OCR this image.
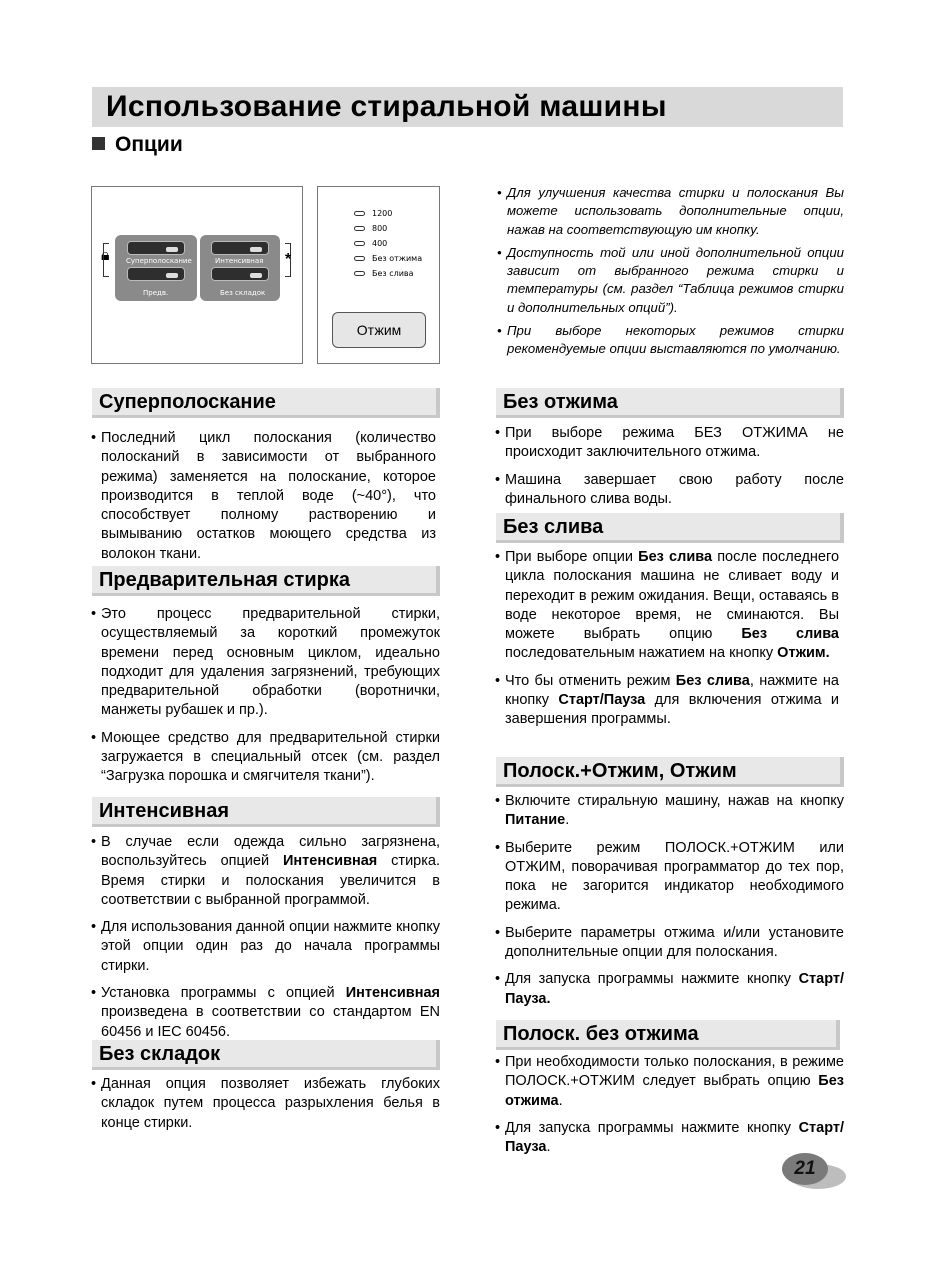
Использование стиральной машины
Опции
🔒︎ Суперполоскание
Предв.
Интенсивная
Без складок
*
1200
800
400
Без отжима
Без слива
Отжим

• Для улучшения качества стирки и полоскания Вы можете использовать дополнительные опции, нажав на соответствующую им кнопку.

• Доступность той или иной дополнительной опции зависит от выбранного режима стирки и температуры (см. раздел “Таблица режимов стирки и дополнительных опций”).

• При выборе некоторых режимов стирки рекомендуемые опции выставляются по умолчанию.

Суперполоскание

• Последний цикл полоскания (количество полосканий в зависимости от выбранного режима) заменяется на полоскание, которое производится в теплой воде (~40°), что способствует полному растворению и вымыванию остатков моющего средства из волокон ткани.

Предварительная стирка

• Это процесс предварительной стирки, осуществляемый за короткий промежуток времени перед основным циклом, идеально подходит для удаления загрязнений, требующих предварительной обработки (воротнички, манжеты рубашек и пр.).

• Моющее средство для предварительной стирки загружается в специальный отсек (см. раздел “Загрузка порошка и смягчителя ткани”).

Интенсивная

• В случае если одежда сильно загрязнена, воспользуйтесь опцией Интенсивная стирка. Время стирки и полоскания увеличится в соответствии с выбранной программой.

• Для использования данной опции нажмите кнопку этой опции один раз до начала программы стирки.

• Установка программы с опцией Интенсивная произведена в соответствии со стандартом EN 60456 и IEC 60456.

Без складок

• Данная опция позволяет избежать глубоких складок путем процесса разрыхления белья в конце стирки.

Без отжима

• При выборе режима БЕЗ ОТЖИМА не происходит заключительного отжима.

• Машина завершает свою работу после финального слива воды.

Без слива

• При выборе опции Без слива после последнего цикла полоскания машина не сливает воду и переходит в режим ожидания. Вещи, оставаясь в воде некоторое время, не сминаются. Вы можете выбрать опцию Без слива последовательным нажатием на кнопку Отжим.

• Что бы отменить режим Без слива, нажмите на кнопку Старт/Пауза для включения отжима и завершения программы.

Полоск.+Отжим, Отжим

• Включите стиральную машину, нажав на кнопку Питание.

• Выберите режим ПОЛОСК.+ОТЖИМ или ОТЖИМ, поворачивая программатор до тех пор, пока не загорится индикатор необходимого режима.

• Выберите параметры отжима и/или установите дополнительные опции для полоскания.

• Для запуска программы нажмите кнопку Старт/Пауза.

Полоск. без отжима

• При необходимости только полоскания, в режиме ПОЛОСК.+ОТЖИМ следует выбрать опцию Без отжима.

• Для запуска программы нажмите кнопку Старт/Пауза.

21
